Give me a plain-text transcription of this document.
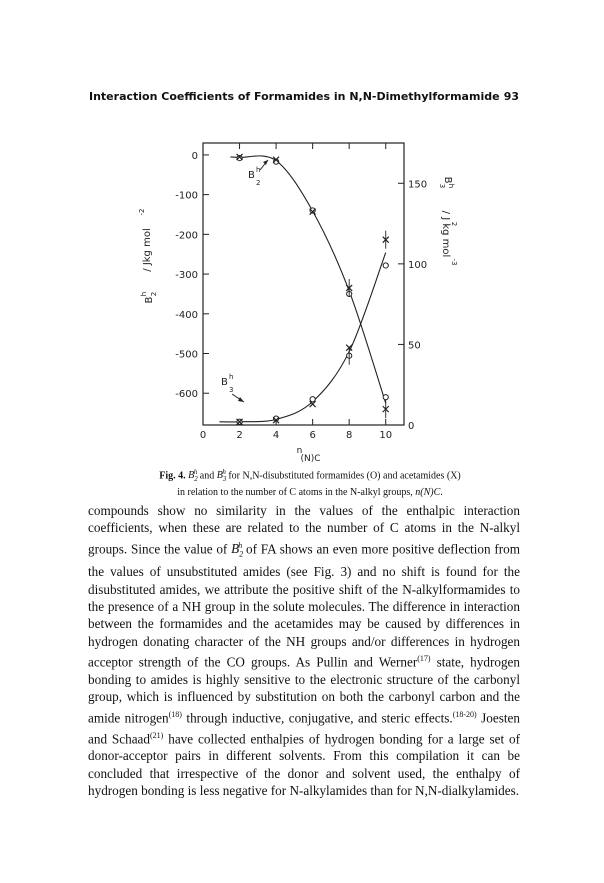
Interaction Coefficients of Formamides in N,N-Dimethylformamide 93
0	2	4	6	8	10
n
(N)C
0
-100
-200
-300
-400
-500
-600
150
100
50
0
B
h 2
/ Jkg mol
-2
B
h
3
/ J kg mol 2
-3
B h
2
B h
3
Fig. 4. $B_2^h$ and $B_3^h$ for N,N-disubstituted formamides (O) and acetamides (X)
in relation to the number of C atoms in the N-alkyl groups, n(N)C.

compounds show no similarity in the values of the enthalpic interaction coefficients, when these are related to the number of C atoms in the N-alkyl groups. Since the value of $B_2^h$ of FA shows an even more positive deflection from the values of unsubstituted amides (see Fig. 3) and no shift is found for the disubstituted amides, we attribute the positive shift of the N-alkylformamides to the presence of a NH group in the solute molecules. The difference in interaction between the formamides and the acetamides may be caused by differences in hydrogen donating character of the NH groups and/or differences in hydrogen acceptor strength of the CO groups. As Pullin and Werner$^{(17)}$ state, hydrogen bonding to amides is highly sensitive to the electronic structure of the carbonyl group, which is influenced by substitution on both the carbonyl carbon and the amide nitrogen$^{(18)}$ through inductive, conjugative, and steric effects.$^{(18-20)}$ Joesten and Schaad$^{(21)}$ have collected enthalpies of hydrogen bonding for a large set of donor-acceptor pairs in different solvents. From this compilation it can be concluded that irrespective of the donor and solvent used, the enthalpy of hydrogen bonding is less negative for N-alkylamides than for N,N-dialkylamides.
